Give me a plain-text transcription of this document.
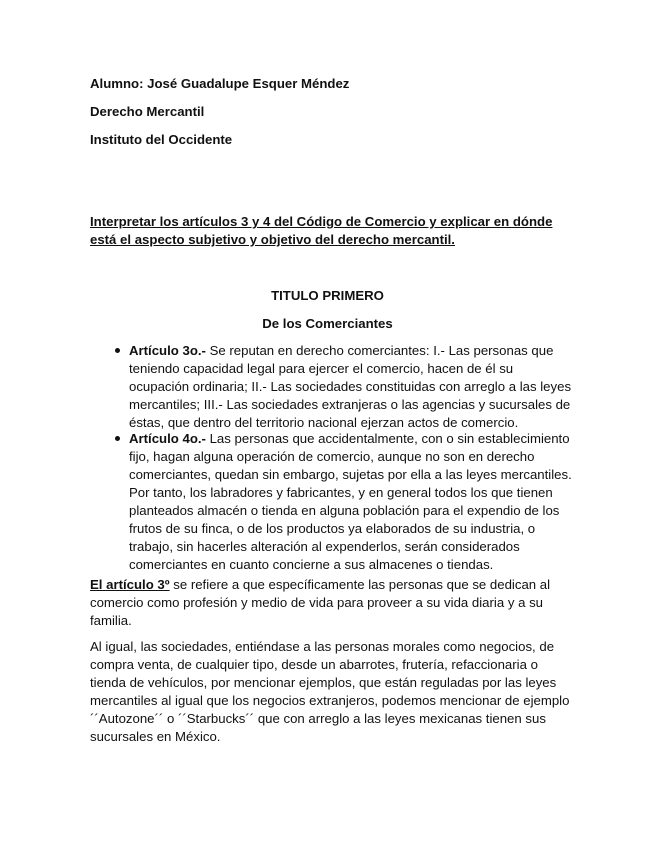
Alumno: José Guadalupe Esquer Méndez
Derecho Mercantil
Instituto del Occidente
Interpretar los artículos 3 y 4 del Código de Comercio y explicar en dónde
está el aspecto subjetivo y objetivo del derecho mercantil.
TITULO PRIMERO
De los Comerciantes
Artículo 3o.- Se reputan en derecho comerciantes: I.- Las personas que
teniendo capacidad legal para ejercer el comercio, hacen de él su
ocupación ordinaria; II.- Las sociedades constituidas con arreglo a las leyes
mercantiles; III.- Las sociedades extranjeras o las agencias y sucursales de
éstas, que dentro del territorio nacional ejerzan actos de comercio.
Artículo 4o.- Las personas que accidentalmente, con o sin establecimiento
fijo, hagan alguna operación de comercio, aunque no son en derecho
comerciantes, quedan sin embargo, sujetas por ella a las leyes mercantiles.
Por tanto, los labradores y fabricantes, y en general todos los que tienen
planteados almacén o tienda en alguna población para el expendio de los
frutos de su finca, o de los productos ya elaborados de su industria, o
trabajo, sin hacerles alteración al expenderlos, serán considerados
comerciantes en cuanto concierne a sus almacenes o tiendas.
El artículo 3º se refiere a que específicamente las personas que se dedican al
comercio como profesión y medio de vida para proveer a su vida diaria y a su
familia.
Al igual, las sociedades, entiéndase a las personas morales como negocios, de
compra venta, de cualquier tipo, desde un abarrotes, frutería, refaccionaria o
tienda de vehículos, por mencionar ejemplos, que están reguladas por las leyes
mercantiles al igual que los negocios extranjeros, podemos mencionar de ejemplo
´´Autozone´´ o ´´Starbucks´´ que con arreglo a las leyes mexicanas tienen sus
sucursales en México.
